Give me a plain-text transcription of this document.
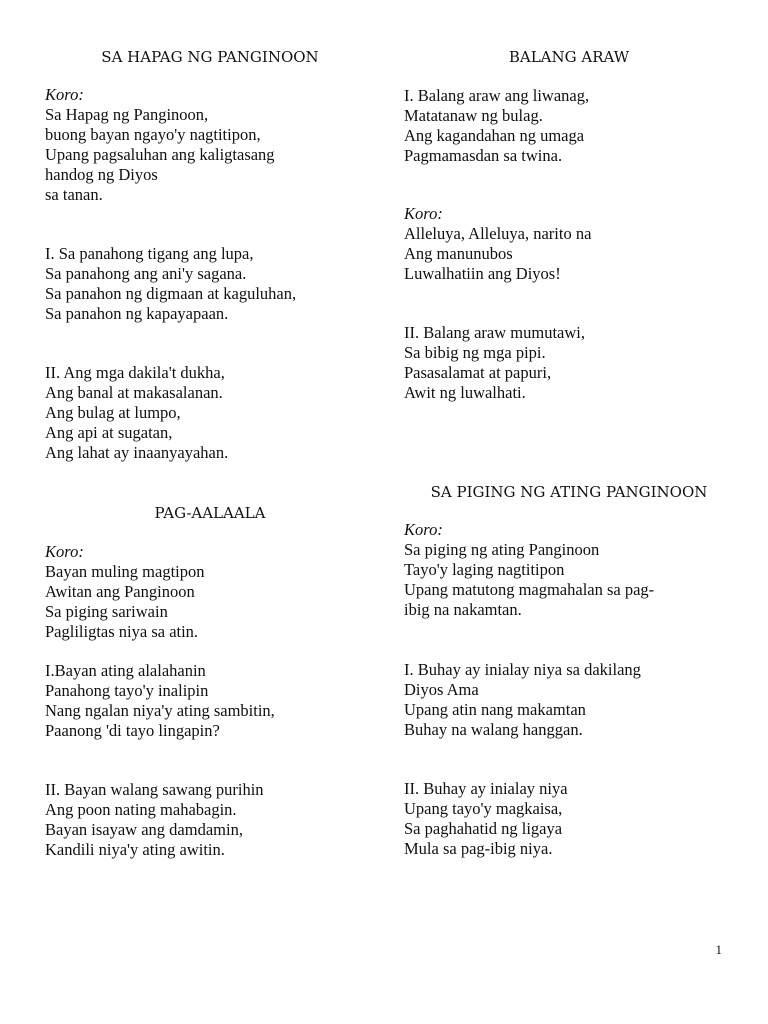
SA HAPAG NG PANGINOON
Koro:
Sa Hapag ng Panginoon,
buong bayan ngayo'y nagtitipon,
Upang pagsaluhan ang kaligtasang
handog ng Diyos
sa tanan.
I. Sa panahong tigang ang lupa,
Sa panahong ang ani'y sagana.
Sa panahon ng digmaan at kaguluhan,
Sa panahon ng kapayapaan.
II. Ang mga dakila't dukha,
Ang banal at makasalanan.
Ang bulag at lumpo,
Ang api at sugatan,
Ang lahat ay inaanyayahan.
PAG-AALAALA
Koro:
Bayan muling magtipon
Awitan ang Panginoon
Sa piging sariwain
Pagliligtas niya sa atin.
I.Bayan ating alalahanin
Panahong tayo'y inalipin
Nang ngalan niya'y ating sambitin,
Paanong 'di tayo lingapin?
II. Bayan walang sawang purihin
Ang poon nating mahabagin.
Bayan isayaw ang damdamin,
Kandili niya'y ating awitin.
BALANG ARAW
I. Balang araw ang liwanag,
Matatanaw ng bulag.
Ang kagandahan ng umaga
Pagmamasdan sa twina.
Koro:
Alleluya, Alleluya, narito na
Ang manunubos
Luwalhatiin ang Diyos!
II. Balang araw mumutawi,
Sa bibig ng mga pipi.
Pasasalamat at papuri,
Awit ng luwalhati.
SA PIGING NG ATING PANGINOON
Koro:
Sa piging ng ating Panginoon
Tayo'y laging nagtitipon
Upang matutong magmahalan sa pag-
ibig na nakamtan.
I. Buhay ay inialay niya sa dakilang
Diyos Ama
Upang atin nang makamtan
Buhay na walang hanggan.
II. Buhay ay inialay niya
Upang tayo'y magkaisa,
Sa paghahatid ng ligaya
Mula sa pag-ibig niya.
1
